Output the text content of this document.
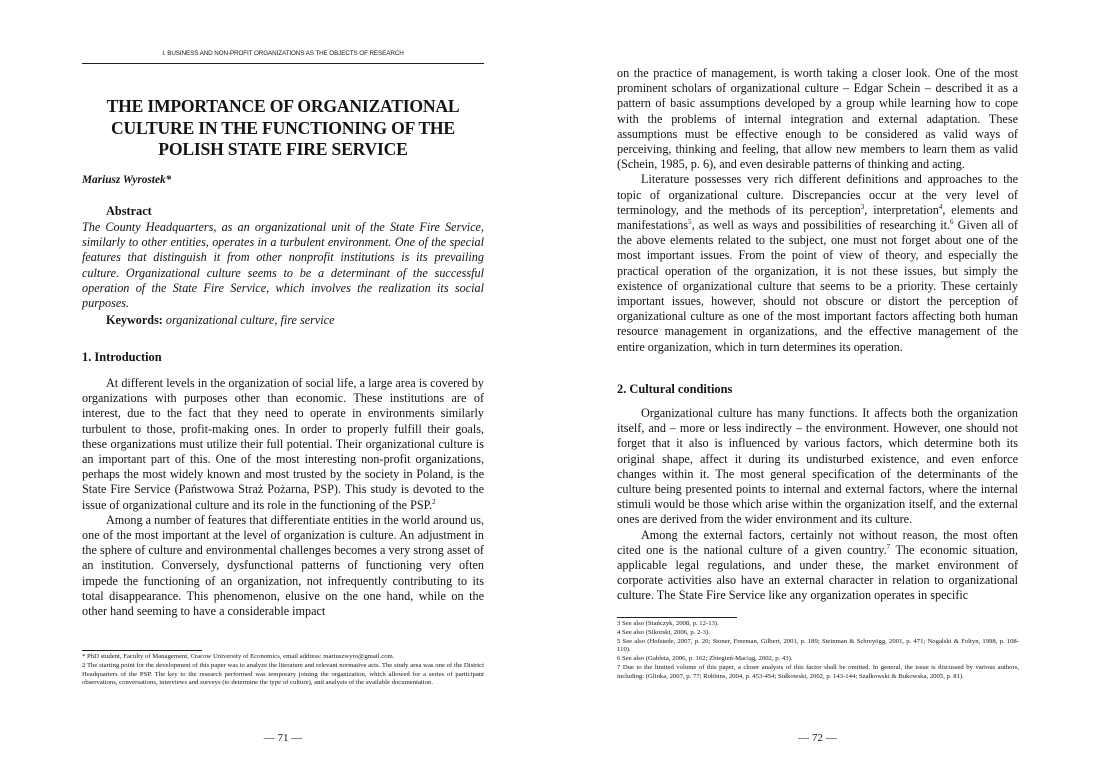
I. BUSINESS AND NON-PROFIT ORGANIZATIONS AS THE OBJECTS OF RESEARCH
THE IMPORTANCE OF ORGANIZATIONAL
CULTURE IN THE FUNCTIONING OF THE
POLISH STATE FIRE SERVICE
Mariusz Wyrostek*
Abstract

The County Headquarters, as an organizational unit of the State Fire Service, similarly to other entities, operates in a turbulent environment. One of the special features that distinguish it from other nonprofit institutions is its prevailing culture. Organizational culture seems to be a determinant of the successful operation of the State Fire Service, which involves the realization its social purposes.

Keywords: organizational culture, fire service
1. Introduction

At different levels in the organization of social life, a large area is covered by organizations with purposes other than economic. These institutions are of interest, due to the fact that they need to operate in environments similarly turbulent to those, profit-making ones. In order to properly fulfill their goals, these organizations must utilize their full potential. Their organizational culture is an important part of this. One of the most interesting non-profit organizations, perhaps the most widely known and most trusted by the society in Poland, is the State Fire Service (Państwowa Straż Pożarna, PSP). This study is devoted to the issue of organizational culture and its role in the functioning of the PSP.$^2$

Among a number of features that differentiate entities in the world around us, one of the most important at the level of organization is culture. An adjustment in the sphere of culture and environmental challenges becomes a very strong asset of an institution. Conversely, dysfunctional patterns of functioning very often impede the functioning of an organization, not infrequently contributing to its total disappearance. This phenomenon, elusive on the one hand, while on the other hand seeming to have a considerable impact

* PhD student, Faculty of Management, Cracow University of Economics, email address: mariuszwyro@gmail.com.

2 The starting point for the development of this paper was to analyze the literature and relevant normative acts. The study area was one of the District Headquarters of the PSP. The key to the research performed was temporary joining the organization, which allowed for a series of participant observations, conversations, interviews and surveys (to determine the type of culture), and analysis of the available documentation.

— 71 —

on the practice of management, is worth taking a closer look. One of the most prominent scholars of organizational culture – Edgar Schein – described it as a pattern of basic assumptions developed by a group while learning how to cope with the problems of internal integration and external adaptation. These assumptions must be effective enough to be considered as valid ways of perceiving, thinking and feeling, that allow new members to learn them as valid (Schein, 1985, p. 6), and even desirable patterns of thinking and acting.

Literature possesses very rich different definitions and approaches to the topic of organizational culture. Discrepancies occur at the very level of terminology, and the methods of its perception$^3$, interpretation$^4$, elements and manifestations$^5$, as well as ways and possibilities of researching it.$^6$ Given all of the above elements related to the subject, one must not forget about one of the most important issues. From the point of view of theory, and especially the practical operation of the organization, it is not these issues, but simply the existence of organizational culture that seems to be a priority. These certainly important issues, however, should not obscure or distort the perception of organizational culture as one of the most important factors affecting both human resource management in organizations, and the effective management of the entire organization, which in turn determines its operation.

2. Cultural conditions

Organizational culture has many functions. It affects both the organization itself, and – more or less indirectly – the environment. However, one should not forget that it also is influenced by various factors, which determine both its original shape, affect it during its undisturbed existence, and even enforce changes within it. The most general specification of the determinants of the culture being presented points to internal and external factors, where the internal stimuli would be those which arise within the organization itself, and the external ones are derived from the wider environment and its culture.

Among the external factors, certainly not without reason, the most often cited one is the national culture of a given country.$^7$ The economic situation, applicable legal regulations, and under these, the market environment of corporate activities also have an external character in relation to organizational culture. The State Fire Service like any organization operates in specific

3 See also (Stańczyk, 2008, p. 12-13).

4 See also (Sikorski, 2006, p. 2-3).

5 See also (Hofstede, 2007, p. 20; Stoner, Freeman, Gilbert, 2001, p. 189; Steinman & Schreyögg, 2001, p. 471; Nogalski & Foltyn, 1998, p. 108-110).

6 See also (Gableta, 2006, p. 162; Zbiegień-Maciąg, 2002, p. 43).

7 Due to the limited volume of this paper, a closer analysis of this factor shall be omitted. In general, the issue is discussed by various authors, including: (Glinka, 2007, p. 77; Robbins, 2004, p. 453-454; Sułkowski, 2002, p. 143-144; Szałkowski & Bukowska, 2005, p. 81).

— 72 —
